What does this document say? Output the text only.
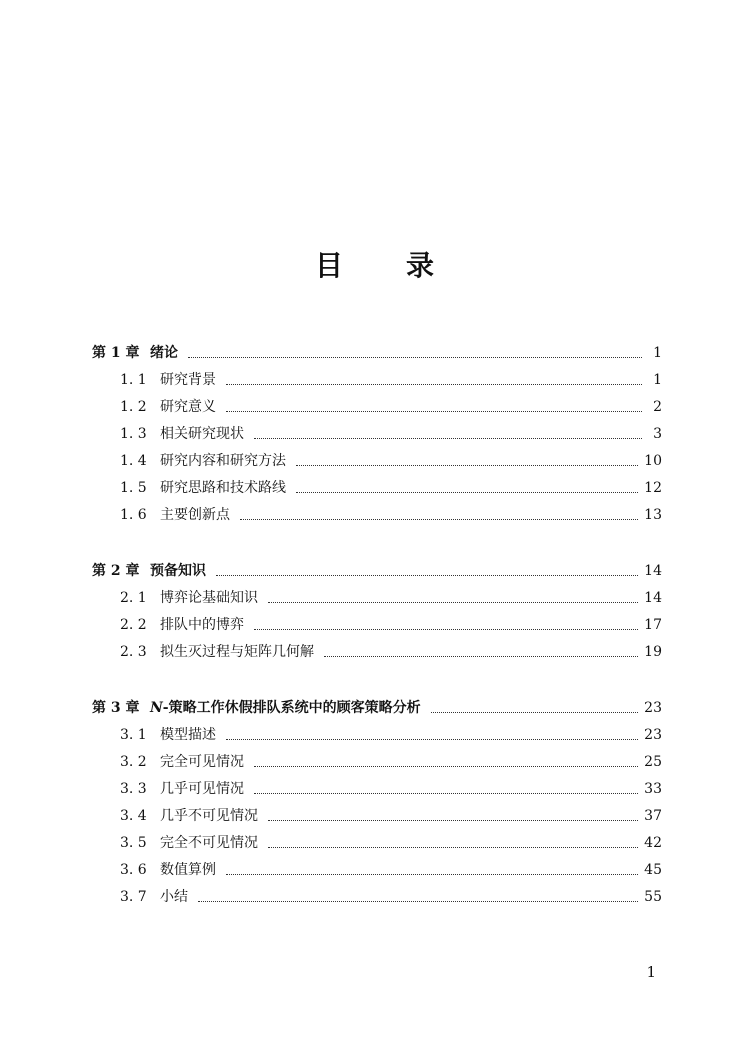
目 录
第 1 章 绪论	1
1. 1 研究背景	1
1. 2 研究意义	2
1. 3 相关研究现状	3
1. 4 研究内容和研究方法	10
1. 5 研究思路和技术路线	12
1. 6 主要创新点	13
第 2 章 预备知识	14
2. 1 博弈论基础知识	14
2. 2 排队中的博弈	17
2. 3 拟生灭过程与矩阵几何解	19
第 3 章 N-策略工作休假排队系统中的顾客策略分析	23
3. 1 模型描述	23
3. 2 完全可见情况	25
3. 3 几乎可见情况	33
3. 4 几乎不可见情况	37
3. 5 完全不可见情况	42
3. 6 数值算例	45
3. 7 小结	55
1
